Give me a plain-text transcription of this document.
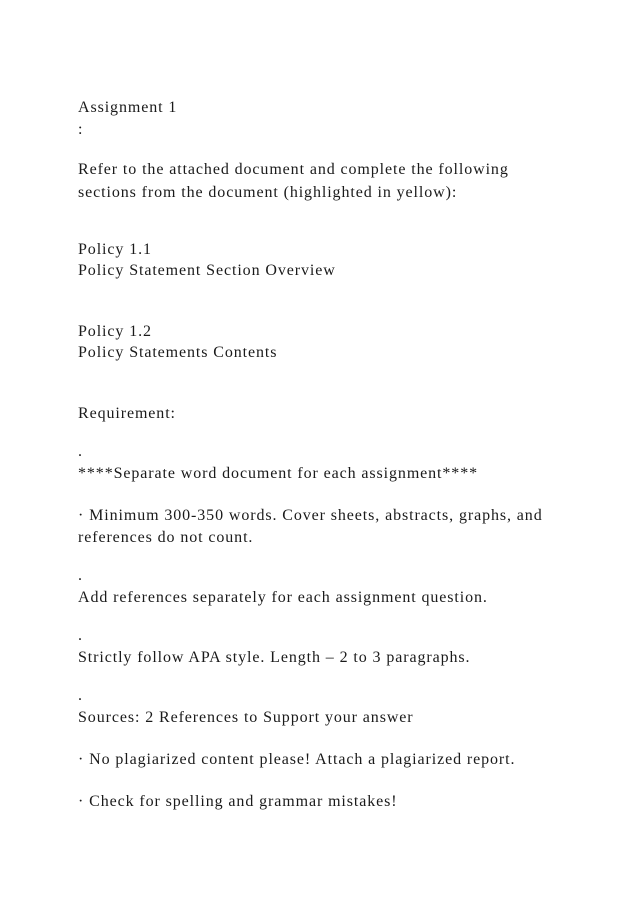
Assignment 1
:
Refer to the attached document and complete the following
sections from the document (highlighted in yellow):
Policy 1.1
Policy Statement Section Overview
Policy 1.2
Policy Statements Contents
Requirement:
.
****Separate word document for each assignment****
· Minimum 300-350 words. Cover sheets, abstracts, graphs, and
references do not count.
.
Add references separately for each assignment question.
.
Strictly follow APA style. Length – 2 to 3 paragraphs.
.
Sources: 2 References to Support your answer
· No plagiarized content please! Attach a plagiarized report.
· Check for spelling and grammar mistakes!
